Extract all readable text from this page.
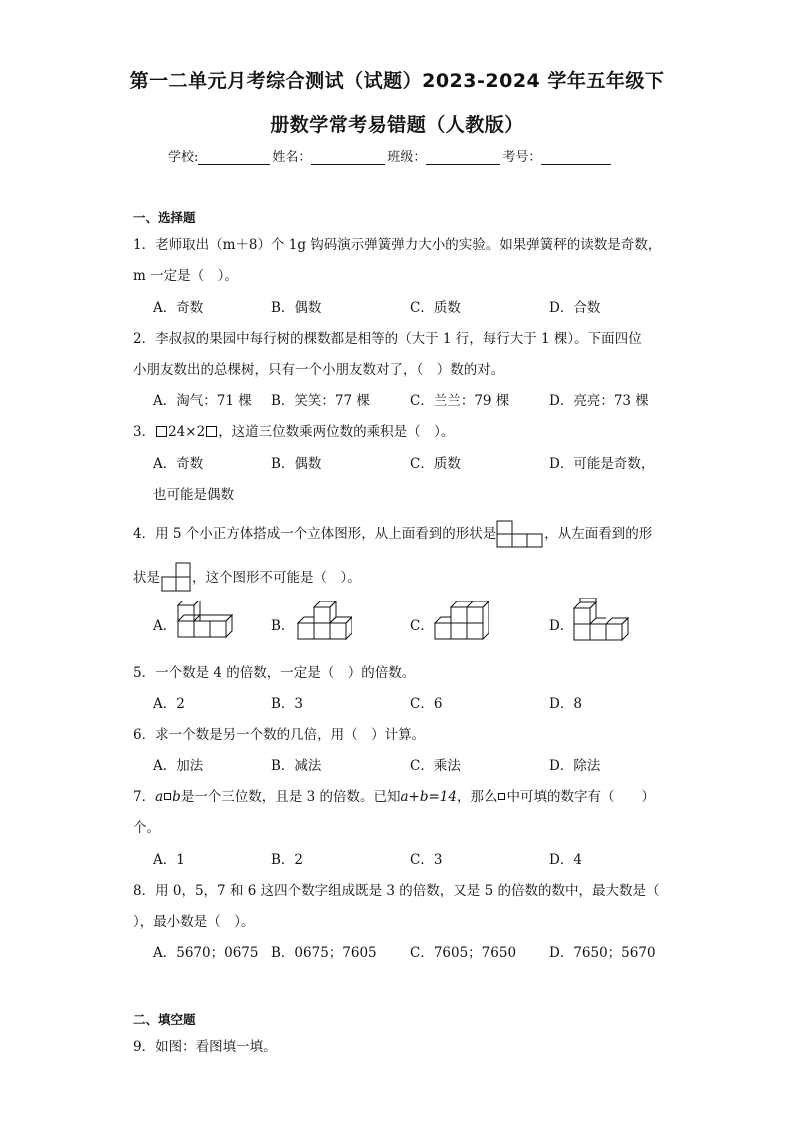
第一二单元月考综合测试（试题）2023-2024 学年五年级下
册数学常考易错题（人教版）
学校:	姓名：	班级：	考号：
一、选择题
1．老师取出（m＋8）个 1g 钩码演示弹簧弹力大小的实验。如果弹簧秤的读数是奇数，
m 一定是（　）。
A．奇数	B．偶数	C．质数	D．合数
2．李叔叔的果园中每行树的棵数都是相等的（大于 1 行，每行大于 1 棵）。下面四位
小朋友数出的总棵树，只有一个小朋友数对了，（　）数的对。
A．淘气：71 棵 B．笑笑：77 棵	C．兰兰：79 棵	D．亮亮：73 棵
3． 24×2 ，这道三位数乘两位数的乘积是（　）。
A．奇数	B．偶数	C．质数	D．可能是奇数，
也可能是偶数
4．用 5 个小正方体搭成一个立体图形，从上面看到的形状是	，从左面看到的形
状是 ，这个图形不可能是（　）。
A．	B．	C．	D．
5．一个数是 4 的倍数，一定是（　）的倍数。
A．2	B．3	C．6	D．8
6．求一个数是另一个数的几倍，用（　）计算。
A．加法	B．减法	C．乘法	D．除法
7．a b是一个三位数，且是 3 的倍数。已知a+b=14，那么 中可填的数字有（　　）
个。
A．1	B．2	C．3	D．4
8．用 0，5，7 和 6 这四个数字组成既是 3 的倍数，又是 5 的倍数的数中，最大数是（
），最小数是（　）。
A．5670；0675 B．0675；7605 C．7605；7650 D．7650；5670
二、填空题
9．如图：看图填一填。
